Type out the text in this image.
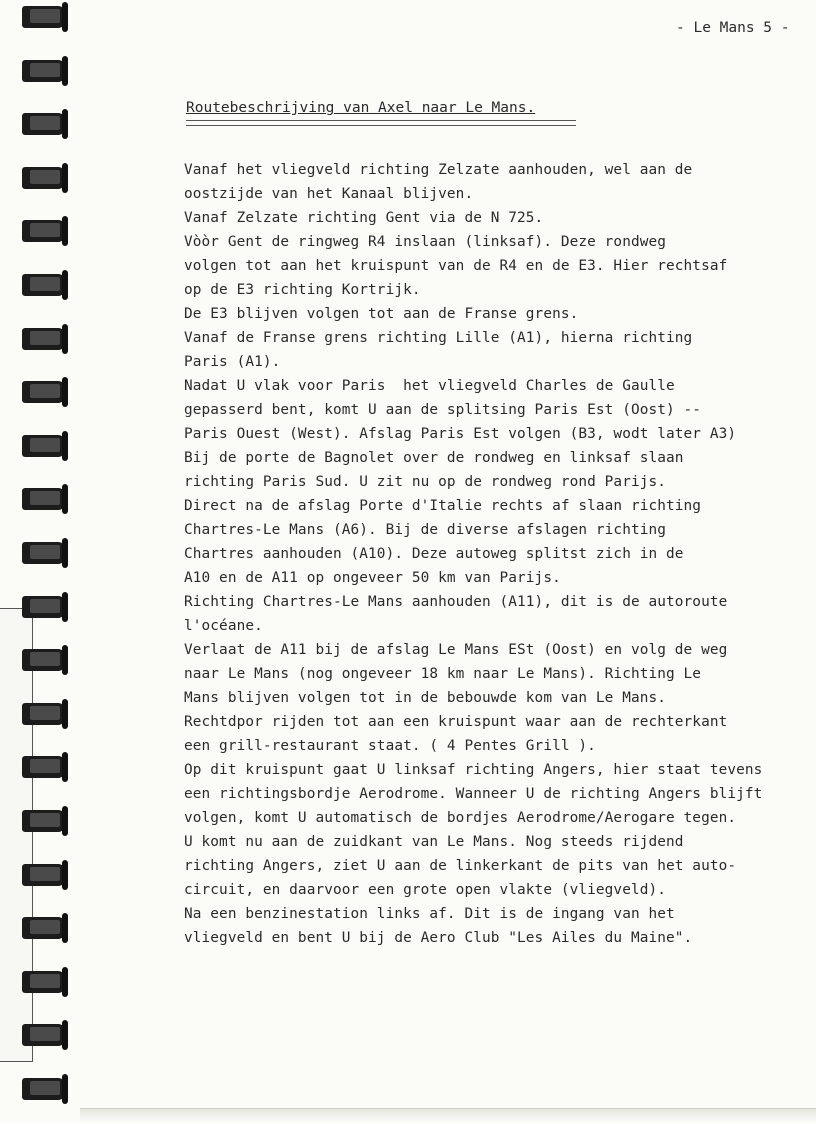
- Le Mans 5 -
Routebeschrijving van Axel naar Le Mans.
Vanaf het vliegveld richting Zelzate aanhouden, wel aan de
oostzijde van het Kanaal blijven.
Vanaf Zelzate richting Gent via de N 725.
Vòòr Gent de ringweg R4 inslaan (linksaf). Deze rondweg
volgen tot aan het kruispunt van de R4 en de E3. Hier rechtsaf
op de E3 richting Kortrijk.
De E3 blijven volgen tot aan de Franse grens.
Vanaf de Franse grens richting Lille (A1), hierna richting
Paris (A1).
Nadat U vlak voor Paris  het vliegveld Charles de Gaulle
gepasserd bent, komt U aan de splitsing Paris Est (Oost) --
Paris Ouest (West). Afslag Paris Est volgen (B3, wodt later A3)
Bij de porte de Bagnolet over de rondweg en linksaf slaan
richting Paris Sud. U zit nu op de rondweg rond Parijs.
Direct na de afslag Porte d'Italie rechts af slaan richting
Chartres-Le Mans (A6). Bij de diverse afslagen richting
Chartres aanhouden (A10). Deze autoweg splitst zich in de
A10 en de A11 op ongeveer 50 km van Parijs.
Richting Chartres-Le Mans aanhouden (A11), dit is de autoroute
l'océane.
Verlaat de A11 bij de afslag Le Mans ESt (Oost) en volg de weg
naar Le Mans (nog ongeveer 18 km naar Le Mans). Richting Le
Mans blijven volgen tot in de bebouwde kom van Le Mans.
Rechtdpor rijden tot aan een kruispunt waar aan de rechterkant
een grill-restaurant staat. ( 4 Pentes Grill ).
Op dit kruispunt gaat U linksaf richting Angers, hier staat tevens
een richtingsbordje Aerodrome. Wanneer U de richting Angers blijft
volgen, komt U automatisch de bordjes Aerodrome/Aerogare tegen.
U komt nu aan de zuidkant van Le Mans. Nog steeds rijdend
richting Angers, ziet U aan de linkerkant de pits van het auto-
circuit, en daarvoor een grote open vlakte (vliegveld).
Na een benzinestation links af. Dit is de ingang van het
vliegveld en bent U bij de Aero Club "Les Ailes du Maine".
